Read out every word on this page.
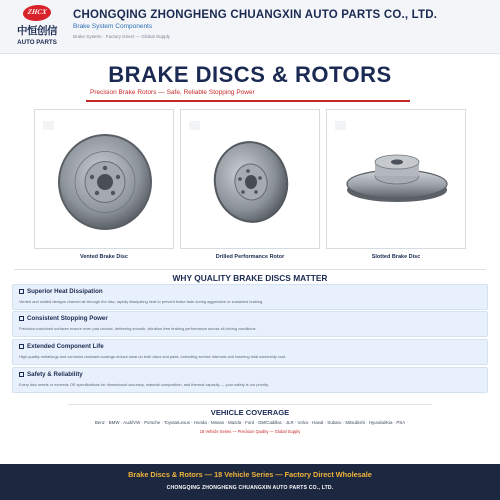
ZHCX
中恒创信
AUTO PARTS
CHONGQING ZHONGHENG CHUANGXIN AUTO PARTS CO., LTD.
Brake System Components
Brake System · Factory Direct — Global Supply
BRAKE DISCS & ROTORS
Precision Brake Rotors — Safe, Reliable Stopping Power
Vented Brake Disc	Drilled Performance Rotor	Slotted Brake Disc
WHY QUALITY BRAKE DISCS MATTER
Superior Heat Dissipation
Vented and slotted designs channel air through the disc, rapidly dissipating heat to prevent brake fade during aggressive or sustained braking.
Consistent Stopping Power
Precision-machined surfaces ensure even pad contact, delivering smooth, vibration-free braking performance across all driving conditions.
Extended Component Life
High-quality metallurgy and corrosion-resistant coatings reduce wear on both discs and pads, extending service intervals and lowering total ownership cost.
Safety & Reliability
Every disc meets or exceeds OE specifications for dimensional accuracy, material composition, and thermal capacity — your safety is our priority.
VEHICLE COVERAGE
Benz · BMW · Audi/VW · Porsche · Toyota/Lexus · Honda · Nissan · Mazda · Ford · GM/Cadillac · JLR · Volvo · Haval · Subaru · Mitsubishi · Hyundai/Kia · PSA
18 Vehicle Series — Precision Quality — Global Supply
Brake Discs & Rotors — 18 Vehicle Series — Factory Direct Wholesale
CHONGQING ZHONGHENG CHUANGXIN AUTO PARTS CO., LTD.
